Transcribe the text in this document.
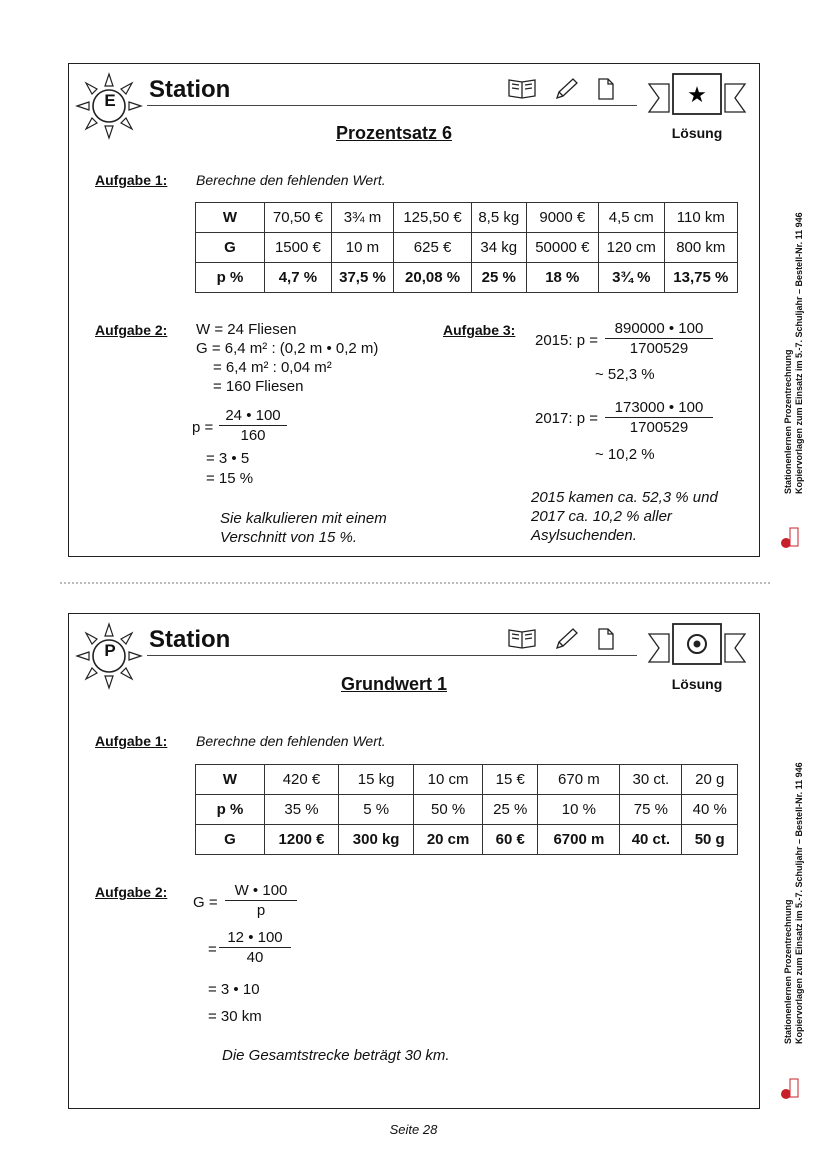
E	Station	★
Lösung
Prozentsatz 6
Aufgabe 1: Berechne den fehlenden Wert.
W	70,50 €	3¾ m	125,50 €	8,5 kg	9000 €	4,5 cm	110 km
G	1500 €	10 m	625 €	34 kg	50000 €	120 cm	800 km
p %	4,7 %	37,5 %	20,08 %	25 %	18 %	3¾ %	13,75 %
Aufgabe 2: W = 24 Fliesen
G = 6,4 m² : (0,2 m • 0,2 m)
= 6,4 m² : 0,04 m²
= 160 Fliesen
$p = \frac{24 • 100}{160}$
= 3 • 5
= 15 %
Sie kalkulieren mit einem Verschnitt von 15 %.
Aufgabe 3:
2015: $p = \frac{890000 • 100}{1700529}$
~ 52,3 %
2017: $p = \frac{173000 • 100}{1700529}$
~ 10,2 %
2015 kamen ca. 52,3 % und 2017 ca. 10,2 % aller Asylsuchenden.
P	Station
Lösung
Grundwert 1
Aufgabe 1: Berechne den fehlenden Wert.
W	420 €	15 kg	10 cm	15 €	670 m	30 ct.	20 g
p %	35 %	5 %	50 %	25 %	10 %	75 %	40 %
G	1200 €	300 kg	20 cm	60 €	6700 m	40 ct.	50 g
Aufgabe 2:
$G = \frac{W • 100}{p}$
= $\frac{12 • 100}{40}$
= 3 • 10
= 30 km
Die Gesamtstrecke beträgt 30 km.
Stationenlernen Prozentrechnung Kopiervorlagen zum Einsatz im 5.-7. Schuljahr – Bestell-Nr. 11 946
Stationenlernen Prozentrechnung Kopiervorlagen zum Einsatz im 5.-7. Schuljahr – Bestell-Nr. 11 946
Seite 28
